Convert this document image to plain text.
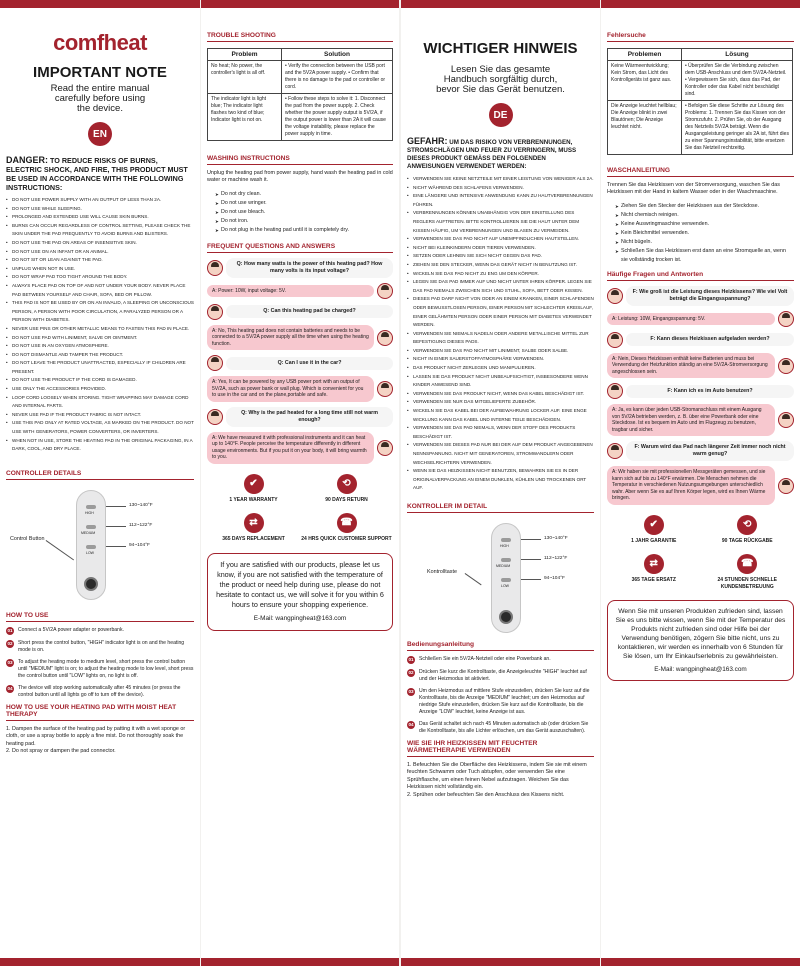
comfheat
IMPORTANT NOTE
Read the entire manual
carefully before using
the device.
EN
DANGER: TO REDUCE RISKS OF BURNS, ELECTRIC SHOCK, AND FIRE, THIS PRODUCT MUST BE USED IN ACCORDANCE WITH THE FOLLOWING INSTRUCTIONS:
• DO NOT USE POWER SUPPLY WITH AN OUTPUT OF LESS THAN 2A.
• DO NOT USE WHILE SLEEPING.
• PROLONGED AND EXTENDED USE WILL CAUSE SKIN BURNS.
• BURNS CAN OCCUR REGARDLESS OF CONTROL SETTING, PLEASE CHECK THE SKIN UNDER THE PAD FREQUENTLY TO AVOID BURNS AND BLISTERS.
• DO NOT USE THE PAD ON AREAS OF INSENSITIVE SKIN.
• DO NOT USE ON AN INFANT OR AN ANIMAL.
• DO NOT SIT OR LEAN AGAINST THE PAD.
• UNPLUG WHEN NOT IN USE.
• DO NOT WRAP PAD TOO TIGHT AROUND THE BODY.
• ALWAYS PLACE PAD ON TOP OF AND NOT UNDER YOUR BODY. NEVER PLACE PAD BETWEEN YOURSELF AND CHAIR, SOFA, BED OR PILLOW.
• THIS PAD IS NOT BE USED BY OR ON AN INVALID, A SLEEPING OR UNCONSCIOUS PERSON, A PERSON WITH POOR CIRCULATION, A PARALYZED PERSON OR A PERSON WITH DIABETES.
• NEVER USE PINS OR OTHER METALLIC MEANS TO FASTEN THIS PAD IN PLACE.
• DO NOT USE PAD WITH LINIMENT, SALVE OR OINTMENT.
• DO NOT USE IN AN OXYGEN ATMOSPHERE.
• DO NOT DISMANTLE AND TAMPER THE PRODUCT.
• DO NOT LEAVE THE PRODUCT UNATTRACTED, ESPECIALLY IF CHILDREN ARE PRESENT.
• DO NOT USE THE PRODUCT IF THE CORD IS DAMAGED.
• USE ONLY THE ACCESSORIES PROVIDED.
• LOOP CORD LOOSELY WHEN STORING. TIGHT WRAPPING MAY DAMAGE CORD AND INTERNAL PARTS.
• NEVER USE PAD IF THE PRODUCT FABRIC IS NOT INTACT.
• USE THIS PAD ONLY AT RATED VOLTAGE, AS MARKED ON THE PRODUCT. DO NOT USE WITH GENERATORS, POWER CONVERTERS, OR INVERTERS.
• WHEN NOT IN USE, STORE THE HEATING PAD IN THE ORIGINAL PACKAGING, IN A DARK, COOL, AND DRY PLACE.
CONTROLLER DETAILS
Control Button
HIGH
MEDIUM
LOW
130~140°F
112~122°F
94~104°F
HOW TO USE
01 Connect a 5V/2A power adapter or powerbank.
02 Short press the control button, "HIGH" indicator light is on and the heating mode is on.
03 To adjust the heating mode to medium level, short press the control button until "MEDIUM" light is on; to adjust the heating mode to low level, short press the control button until "LOW" lights on, no light is off.
04 The device will stop working automatically after 45 minutes (or press the control button until all lights go off to turn off the device).
HOW TO USE YOUR HEATING PAD WITH MOIST HEAT THERAPY
1. Dampen the surface of the heating pad by patting it with a wet sponge or cloth, or use a spray bottle to apply a fine mist. Do not thoroughly soak the heating pad.
2. Do not spray or dampen the pad connector.
TROUBLE SHOOTING
Problem	Solution
No heat; No power, the controller's light is all off.	• Verify the connection between the USB port and the 5V2A power supply. • Confirm that there is no damage to the pad or controller or cord.
The indicator light is light blue; The indicator light flashes two kind of blue; Indicator light is not on.	• Follow these steps to solve it: 1. Disconnect the pad from the power supply. 2. Check whether the power supply output is 5V/2A, if the output power is lower than 2A it will cause the voltage instability, please replace the power supply in time.
WASHING INSTRUCTIONS
Unplug the heating pad from power supply, hand wash the heating pad in cold water or machine wash it.
➤ Do not dry clean.
➤ Do not use wringer.
➤ Do not use bleach.
➤ Do not iron.
➤ Do not plug in the heating pad until it is completely dry.
FREQUENT QUESTIONS AND ANSWERS
Q: How many watts is the power of this heating pad? How many volts is its input voltage?
A: Power: 10W, input voltage: 5V.
Q: Can this heating pad be charged?
A: No, This heating pad does not contain batteries and needs to be connected to a 5V/2A power supply all the time when using the heating function.
Q: Can I use it in the car?
A: Yes, It can be powered by any USB power port with an output of 5V/2A, such as power bank or wall plug. Which is convenient for you to use in the car and on the plane,portable and safe.
Q: Why is the pad heated for a long time still not warm enough?
A: We have measured it with professional instruments and it can heat up to 140°F. People perceive the temperature differently in different usage environments. But if you put it on your body, it will bring warmth to you.
✔
1 YEAR WARRANTY
⟲
90 DAYS RETURN
⇄
365 DAYS REPLACEMENT
☎
24 HRS QUICK CUSTOMER SUPPORT
If you are satisfied with our products, please let us know, if you are not satisfied with the temperature of the product or need help during use, please do not hesitate to contact us, we will solve it for you within 6 hours to ensure your shopping experience.
E-Mail: wangpingheat@163.com
WICHTIGER HINWEIS
Lesen Sie das gesamte
Handbuch sorgfältig durch,
bevor Sie das Gerät benutzen.
DE
GEFAHR: UM DAS RISIKO VON VERBRENNUNGEN, STROMSCHLÄGEN UND FEUER ZU VERRINGERN, MUSS DIESES PRODUKT GEMÄSS DEN FOLGENDEN ANWEISUNGEN VERWENDET WERDEN:
• VERWENDEN SIE KEINE NETZTEILE MIT EINER LEISTUNG VON WENIGER ALS 2A.
• NICHT WÄHREND DES SCHLAFENS VERWENDEN.
• EINE LÄNGERE UND INTENSIVE ANWENDUNG KANN ZU HAUTVERBRENNUNGEN FÜHREN.
• VERBRENNUNGEN KÖNNEN UNABHÄNGIG VON DER EINSTELLUNG DES REGLERS AUFTRETEN. BITTE KONTROLLIEREN SIE DIE HAUT UNTER DEM KISSEN HÄUFIG, UM VERBRENNUNGEN UND BLASEN ZU VERMEIDEN.
• VERWENDEN SIE DAS PAD NICHT AUF UNEMPFINDLICHEN HAUTSTELLEN.
• NICHT BEI KLEINKINDERN ODER TIEREN VERWENDEN.
• SETZEN ODER LEHNEN SIE SICH NICHT GEGEN DAS PAD.
• ZIEHEN SIE DEN STECKER, WENN DAS GERÄT NICHT IN BENUTZUNG IST.
• WICKELN SIE DAS PAD NICHT ZU ENG UM DEN KÖRPER.
• LEGEN SIE DAS PAD IMMER AUF UND NICHT UNTER IHREN KÖRPER. LEGEN SIE DAS PAD NIEMALS ZWISCHEN SICH UND STUHL, SOFA, BETT ODER KISSEN.
• DIESES PAD DARF NICHT VON ODER AN EINEM KRANKEN, EINER SCHLAFENDEN ODER BEWUSSTLOSEN PERSON, EINER PERSON MIT SCHLECHTER KREISLAUF, EINER GELÄHMTEN PERSON ODER EINER PERSON MIT DIABETES VERWENDET WERDEN.
• VERWENDEN SIE NIEMALS NADELN ODER ANDERE METALLISCHE MITTEL ZUR BEFESTIGUNG DIESES PADS.
• VERWENDEN SIE DAS PAD NICHT MIT LINIMENT, SALBE ODER SALBE.
• NICHT IN EINER SAUERSTOFFATMOSPHÄRE VERWENDEN.
• DAS PRODUKT NICHT ZERLEGEN UND MANIPULIEREN.
• LASSEN SIE DAS PRODUKT NICHT UNBEAUFSICHTIGT, INSBESONDERE WENN KINDER ANWESEND SIND.
• VERWENDEN SIE DAS PRODUKT NICHT, WENN DAS KABEL BESCHÄDIGT IST.
• VERWENDEN SIE NUR DAS MITGELIEFERTE ZUBEHÖR.
• WICKELN SIE DAS KABEL BEI DER AUFBEWAHRUNG LOCKER AUF. EINE ENGE WICKLUNG KANN DAS KABEL UND INTERNE TEILE BESCHÄDIGEN.
• VERWENDEN SIE DAS PAD NIEMALS, WENN DER STOFF DES PRODUKTS BESCHÄDIGT IST.
• VERWENDEN SIE DIESES PAD NUR BEI DER AUF DEM PRODUKT ANGEGEBENEN NENNSPANNUNG. NICHT MIT GENERATOREN, STROMWANDLERN ODER WECHSELRICHTERN VERWENDEN.
• WENN SIE DAS HEIZKISSEN NICHT BENUTZEN, BEWAHREN SIE ES IN DER ORIGINALVERPACKUNG AN EINEM DUNKLEN, KÜHLEN UND TROCKENEN ORT AUF.
KONTROLLER IM DETAIL
Kontrolltaste
HIGH
MEDIUM
LOW
130~140°F
112~122°F
94~104°F
Bedienungsanleitung
01 Schließen Sie ein 5V/2A-Netzteil oder eine Powerbank an.
02 Drücken Sie kurz die Kontrolltaste, die Anzeigeleuchte "HIGH" leuchtet auf und der Heizmodus ist aktiviert.
03 Um den Heizmodus auf mittlere Stufe einzustellen, drücken Sie kurz auf die Kontrolltaste, bis die Anzeige "MEDIUM" leuchtet; um den Heizmodus auf niedrige Stufe einzustellen, drücken Sie kurz auf die Kontrolltaste, bis die Anzeige "LOW" leuchtet, keine Anzeige ist aus.
04 Das Gerät schaltet sich nach 45 Minuten automatisch ab (oder drücken Sie die Kontrolltaste, bis alle Lichter erlöschen, um das Gerät auszuschalten).
WIE SIE IHR HEIZKISSEN MIT FEUCHTER WÄRMETHERAPIE VERWENDEN
1. Befeuchten Sie die Oberfläche des Heizkissens, indem Sie sie mit einem feuchten Schwamm oder Tuch abtupfen, oder verwenden Sie eine Sprühflasche, um einen feinen Nebel aufzutragen. Weichen Sie das Heizkissen nicht vollständig ein.
2. Sprühen oder befeuchten Sie den Anschluss des Kissens nicht.
Fehlersuche
Problemen	Lösung
Keine Wärmeentwicklung; Kein Strom, das Licht des Kontrollgeräts ist ganz aus.	• Überprüfen Sie die Verbindung zwischen dem USB-Anschluss und dem 5V/2A-Netzteil. • Vergewissern Sie sich, dass das Pad, der Kontroller oder das Kabel nicht beschädigt sind.
Die Anzeige leuchtet hellblau; Die Anzeige blinkt in zwei Blautönen; Die Anzeige leuchtet nicht.	• Befolgen Sie diese Schritte zur Lösung des Problems: 1. Trennen Sie das Kissen von der Stromzufuhr. 2. Prüfen Sie, ob der Ausgang des Netzteils 5V/2A beträgt. Wenn die Ausgangsleistung geringer als 2A ist, führt dies zu einer Spannungsinstabilität, bitte ersetzen Sie das Netzteil rechtzeitig.
WASCHANLEITUNG
Trennen Sie das Heizkissen von der Stromversorgung, waschen Sie das Heizkissen mit der Hand in kaltem Wasser oder in der Waschmaschine.
➤ Ziehen Sie den Stecker der Heizkissen aus der Steckdose.
➤ Nicht chemisch reinigen.
➤ Keine Auswringmaschine verwenden.
➤ Kein Bleichmittel verwenden.
➤ Nicht bügeln.
➤ Schließen Sie das Heizkissen erst dann an eine Stromquelle an, wenn sie vollständig trocken ist.
Häufige Fragen und Antworten
F: Wie groß ist die Leistung dieses Heizkissens? Wie viel Volt beträgt die Eingangsspannung?
A: Leistung: 10W, Eingangsspannung: 5V.
F: Kann dieses Heizkissen aufgeladen werden?
A: Nein, Dieses Heizkissen enthält keine Batterien und muss bei Verwendung der Heizfunktion ständig an eine 5V/2A-Stromversorgung angeschlossen sein.
F: Kann ich es im Auto benutzen?
A: Ja, es kann über jeden USB-Stromanschluss mit einem Ausgang von 5V/2A betrieben werden, z. B. über eine Powerbank oder eine Steckdose. Ist es bequem im Auto und im Flugzeug zu benutzen, tragbar und sicher.
F: Warum wird das Pad nach längerer Zeit immer noch nicht warm genug?
A: Wir haben sie mit professionellen Messgeräten gemessen, und sie kann sich auf bis zu 140°F erwärmen. Die Menschen nehmen die Temperatur in verschiedenen Nutzungsumgebungen unterschiedlich wahr. Aber wenn Sie es auf Ihren Körper legen, wird es Ihnen Wärme bringen.
✔
1 JAHR GARANTIE
⟲
90 TAGE RÜCKGABE
⇄
365 TAGE ERSATZ
☎
24 STUNDEN SCHNELLE KUNDENBETREUUNG
Wenn Sie mit unseren Produkten zufrieden sind, lassen Sie es uns bitte wissen, wenn Sie mit der Temperatur des Produkts nicht zufrieden sind oder Hilfe bei der Verwendung benötigen, zögern Sie bitte nicht, uns zu kontaktieren, wir werden es innerhalb von 6 Stunden für Sie lösen, um Ihr Einkaufserlebnis zu gewährleisten.
E-Mail: wangpingheat@163.com
